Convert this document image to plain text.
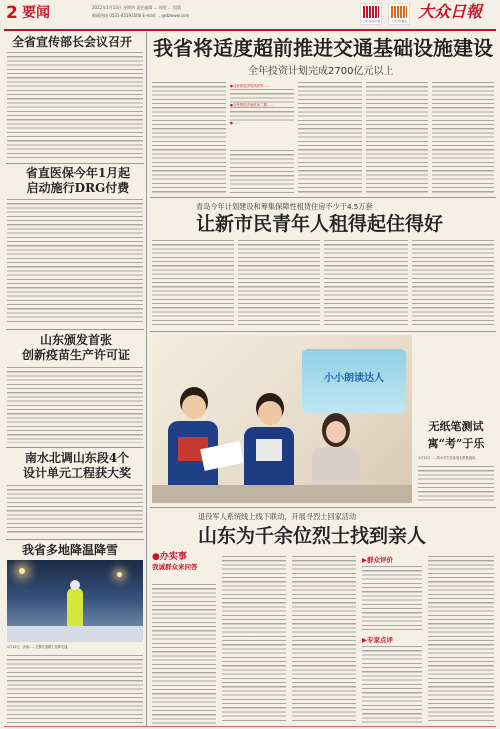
2 要闻	2022年1月13日 星期四 责任编辑 ... 视觉 ... 组版
新闻热线 0531-85193500 E-mail: ...@dzwww.com
大众日报客户端	大众日报微信
大众日報
全省宣传部长会议召开
省直医保今年1月起
启动施行DRG付费
山东颁发首张
创新疫苗生产许可证
南水北调山东段4个
设计单元工程获大奖
我省多地降温降雪
1月12日，济南……交警在道路上指挥交通。
我省将适度超前推进交通基础设施建设
全年投资计划完成2700亿元以上
●加快推进济郑高铁等……
●加快推进济南机场二期……
●……
青岛今年计划建设和筹集保障性租赁住房不少于4.5万套
让新市民青年人租得起住得好
小小朗读达人
无纸笔测试
寓“考”于乐
1月12日……的小学生在参加无纸笔测试。
退役军人系统线上线下联动，开展寻烈士回家活动
山东为千余位烈士找到亲人
●办实事
我诚群众来问答
▶群众评价
▶专家点评
